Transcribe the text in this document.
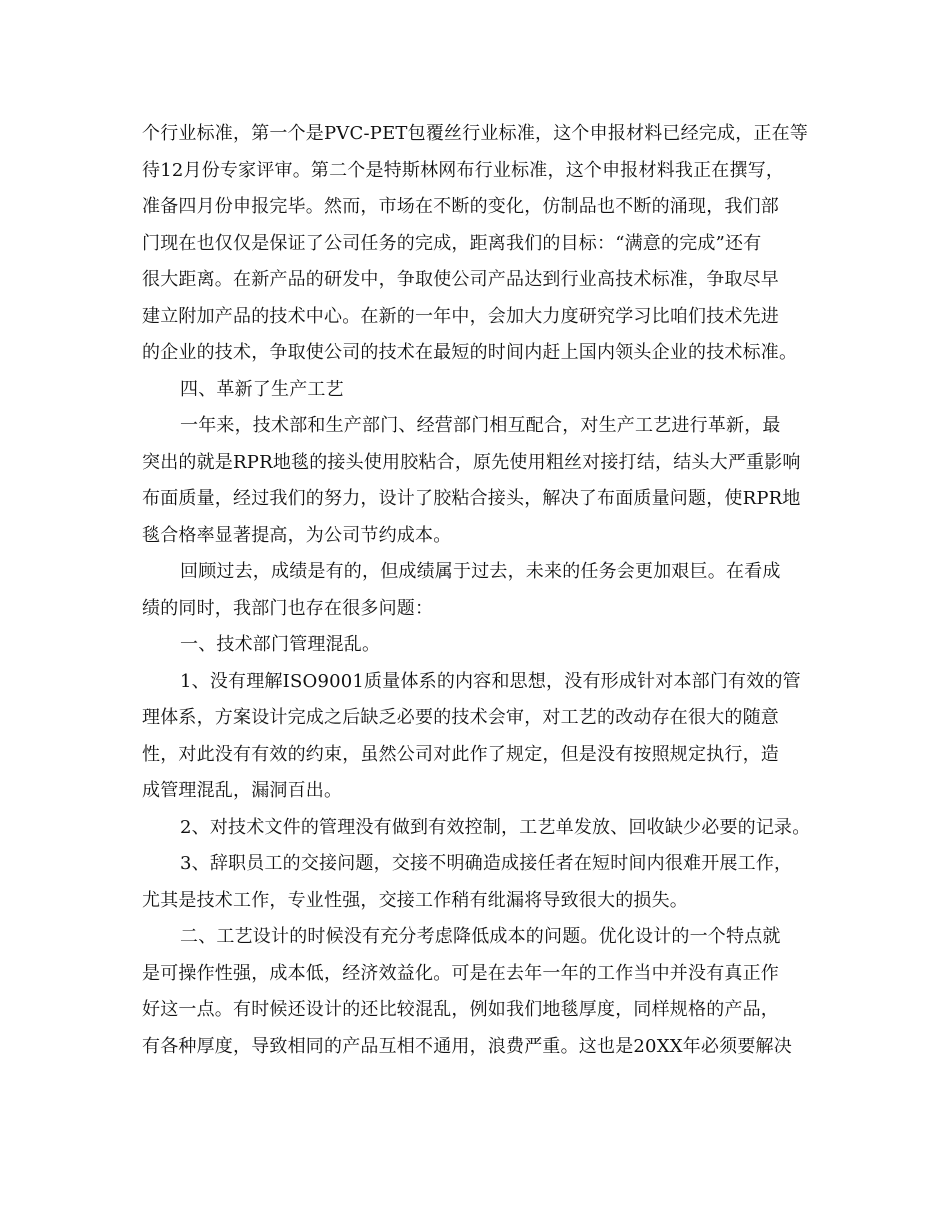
个行业标准，第一个是PVC-PET包覆丝行业标准，这个申报材料已经完成，正在等
待12月份专家评审。第二个是特斯林网布行业标准，这个申报材料我正在撰写，
准备四月份申报完毕。然而，市场在不断的变化，仿制品也不断的涌现，我们部
门现在也仅仅是保证了公司任务的完成，距离我们的目标：“满意的完成”还有
很大距离。在新产品的研发中，争取使公司产品达到行业高技术标准，争取尽早
建立附加产品的技术中心。在新的一年中，会加大力度研究学习比咱们技术先进
的企业的技术，争取使公司的技术在最短的时间内赶上国内领头企业的技术标准。
四、革新了生产工艺
一年来，技术部和生产部门、经营部门相互配合，对生产工艺进行革新，最
突出的就是RPR地毯的接头使用胶粘合，原先使用粗丝对接打结，结头大严重影响
布面质量，经过我们的努力，设计了胶粘合接头，解决了布面质量问题，使RPR地
毯合格率显著提高，为公司节约成本。
回顾过去，成绩是有的，但成绩属于过去，未来的任务会更加艰巨。在看成
绩的同时，我部门也存在很多问题：
一、技术部门管理混乱。
1、没有理解ISO9001质量体系的内容和思想，没有形成针对本部门有效的管
理体系，方案设计完成之后缺乏必要的技术会审，对工艺的改动存在很大的随意
性，对此没有有效的约束，虽然公司对此作了规定，但是没有按照规定执行，造
成管理混乱，漏洞百出。
2、对技术文件的管理没有做到有效控制，工艺单发放、回收缺少必要的记录。
3、辞职员工的交接问题，交接不明确造成接任者在短时间内很难开展工作，
尤其是技术工作，专业性强，交接工作稍有纰漏将导致很大的损失。
二、工艺设计的时候没有充分考虑降低成本的问题。优化设计的一个特点就
是可操作性强，成本低，经济效益化。可是在去年一年的工作当中并没有真正作
好这一点。有时候还设计的还比较混乱，例如我们地毯厚度，同样规格的产品，
有各种厚度，导致相同的产品互相不通用，浪费严重。这也是20XX年必须要解决
